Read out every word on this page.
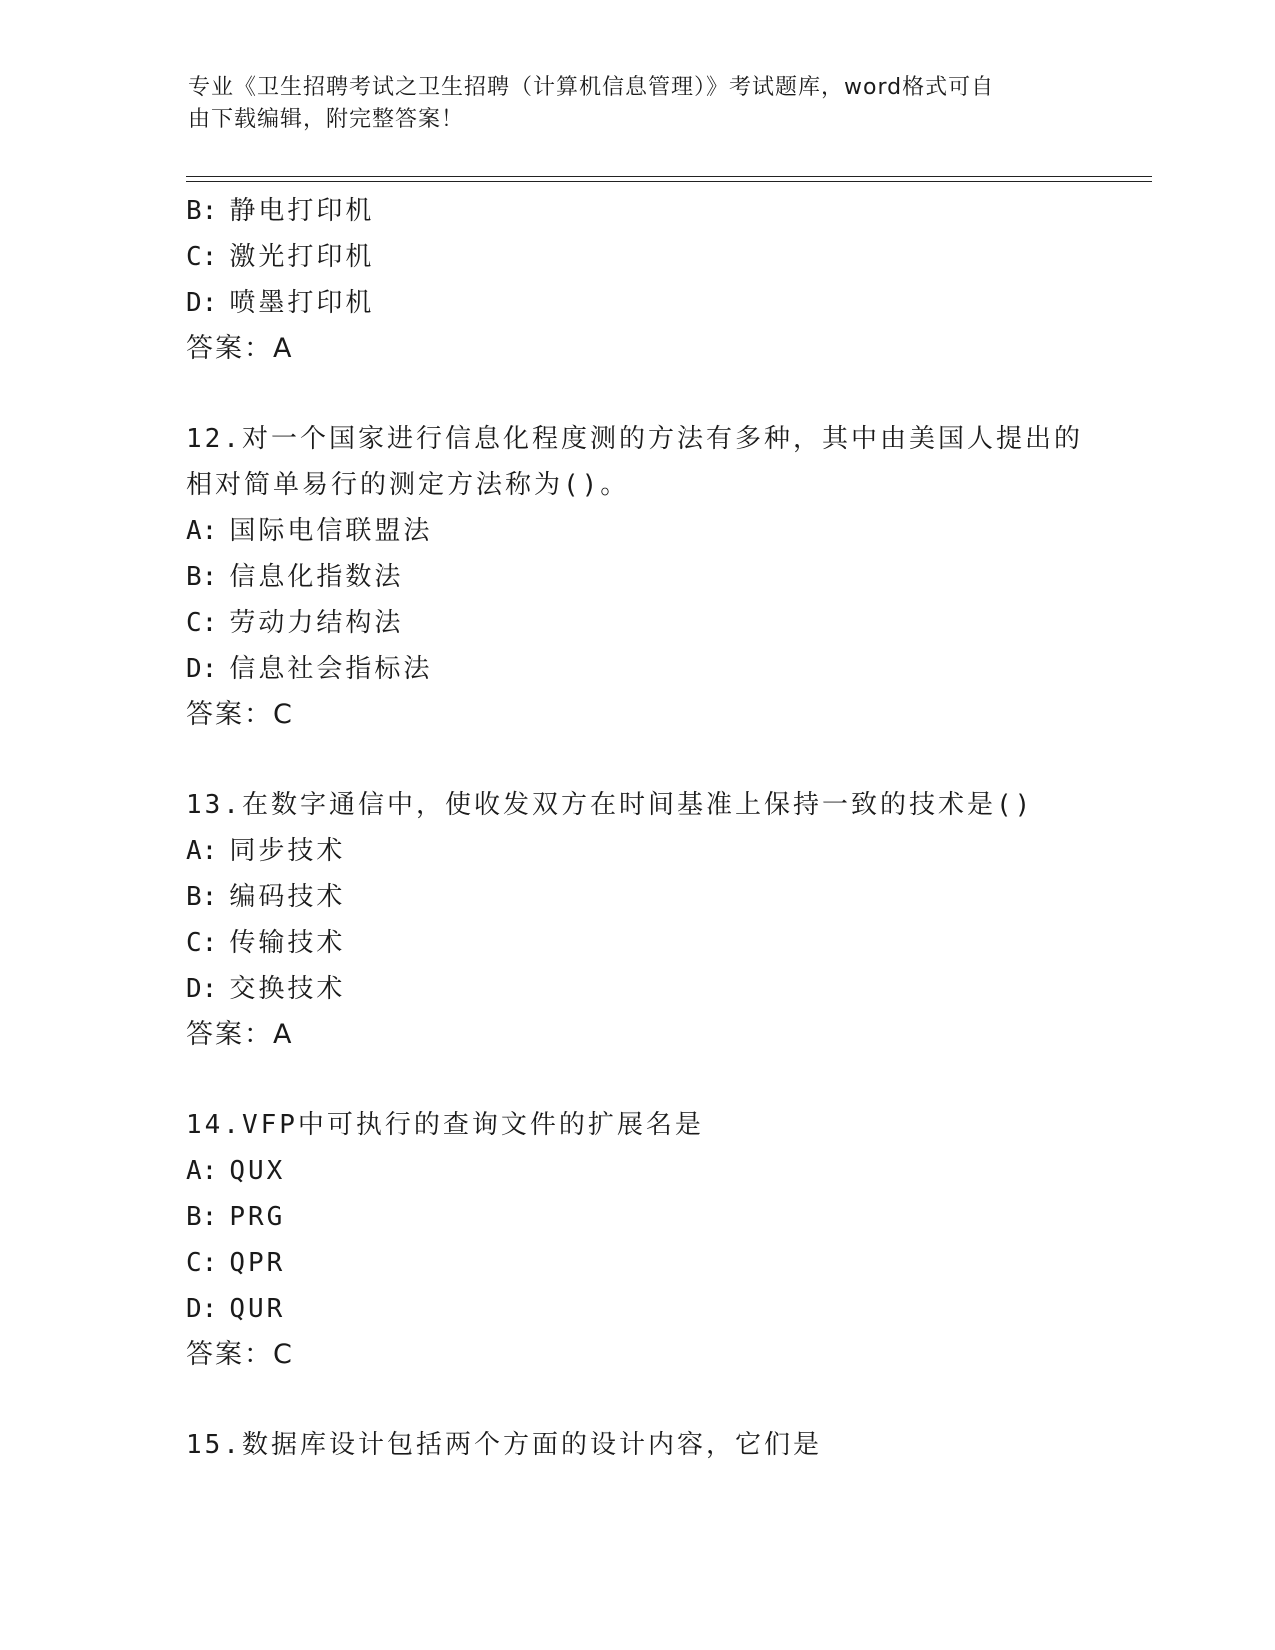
专业《卫生招聘考试之卫生招聘（计算机信息管理）》考试题库，word格式可自
由下载编辑，附完整答案！
B: 静电打印机
C: 激光打印机
D: 喷墨打印机
答案：A
12.对一个国家进行信息化程度测的方法有多种，其中由美国人提出的
相对简单易行的测定方法称为()。
A: 国际电信联盟法
B: 信息化指数法
C: 劳动力结构法
D: 信息社会指标法
答案：C
13.在数字通信中，使收发双方在时间基准上保持一致的技术是()
A: 同步技术
B: 编码技术
C: 传输技术
D: 交换技术
答案：A
14.VFP中可执行的查询文件的扩展名是
A: QUX
B: PRG
C: QPR
D: QUR
答案：C
15.数据库设计包括两个方面的设计内容，它们是
